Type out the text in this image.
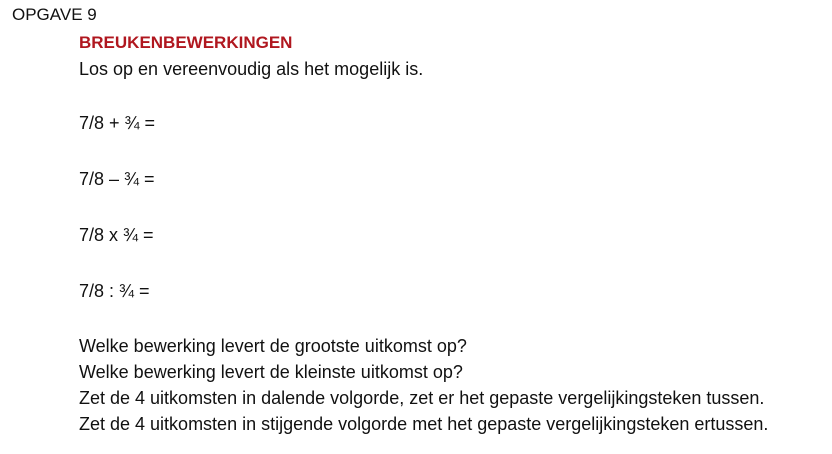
OPGAVE 9
BREUKENBEWERKINGEN
Los op en vereenvoudig als het mogelijk is.
7/8 + ¾ =
7/8 – ¾ =
7/8 x ¾ =
7/8 : ¾ =
Welke bewerking levert de grootste uitkomst op?
Welke bewerking levert de kleinste uitkomst op?
Zet de 4 uitkomsten in dalende volgorde, zet er het gepaste vergelijkingsteken tussen.
Zet de 4 uitkomsten in stijgende volgorde met het gepaste vergelijkingsteken ertussen.
